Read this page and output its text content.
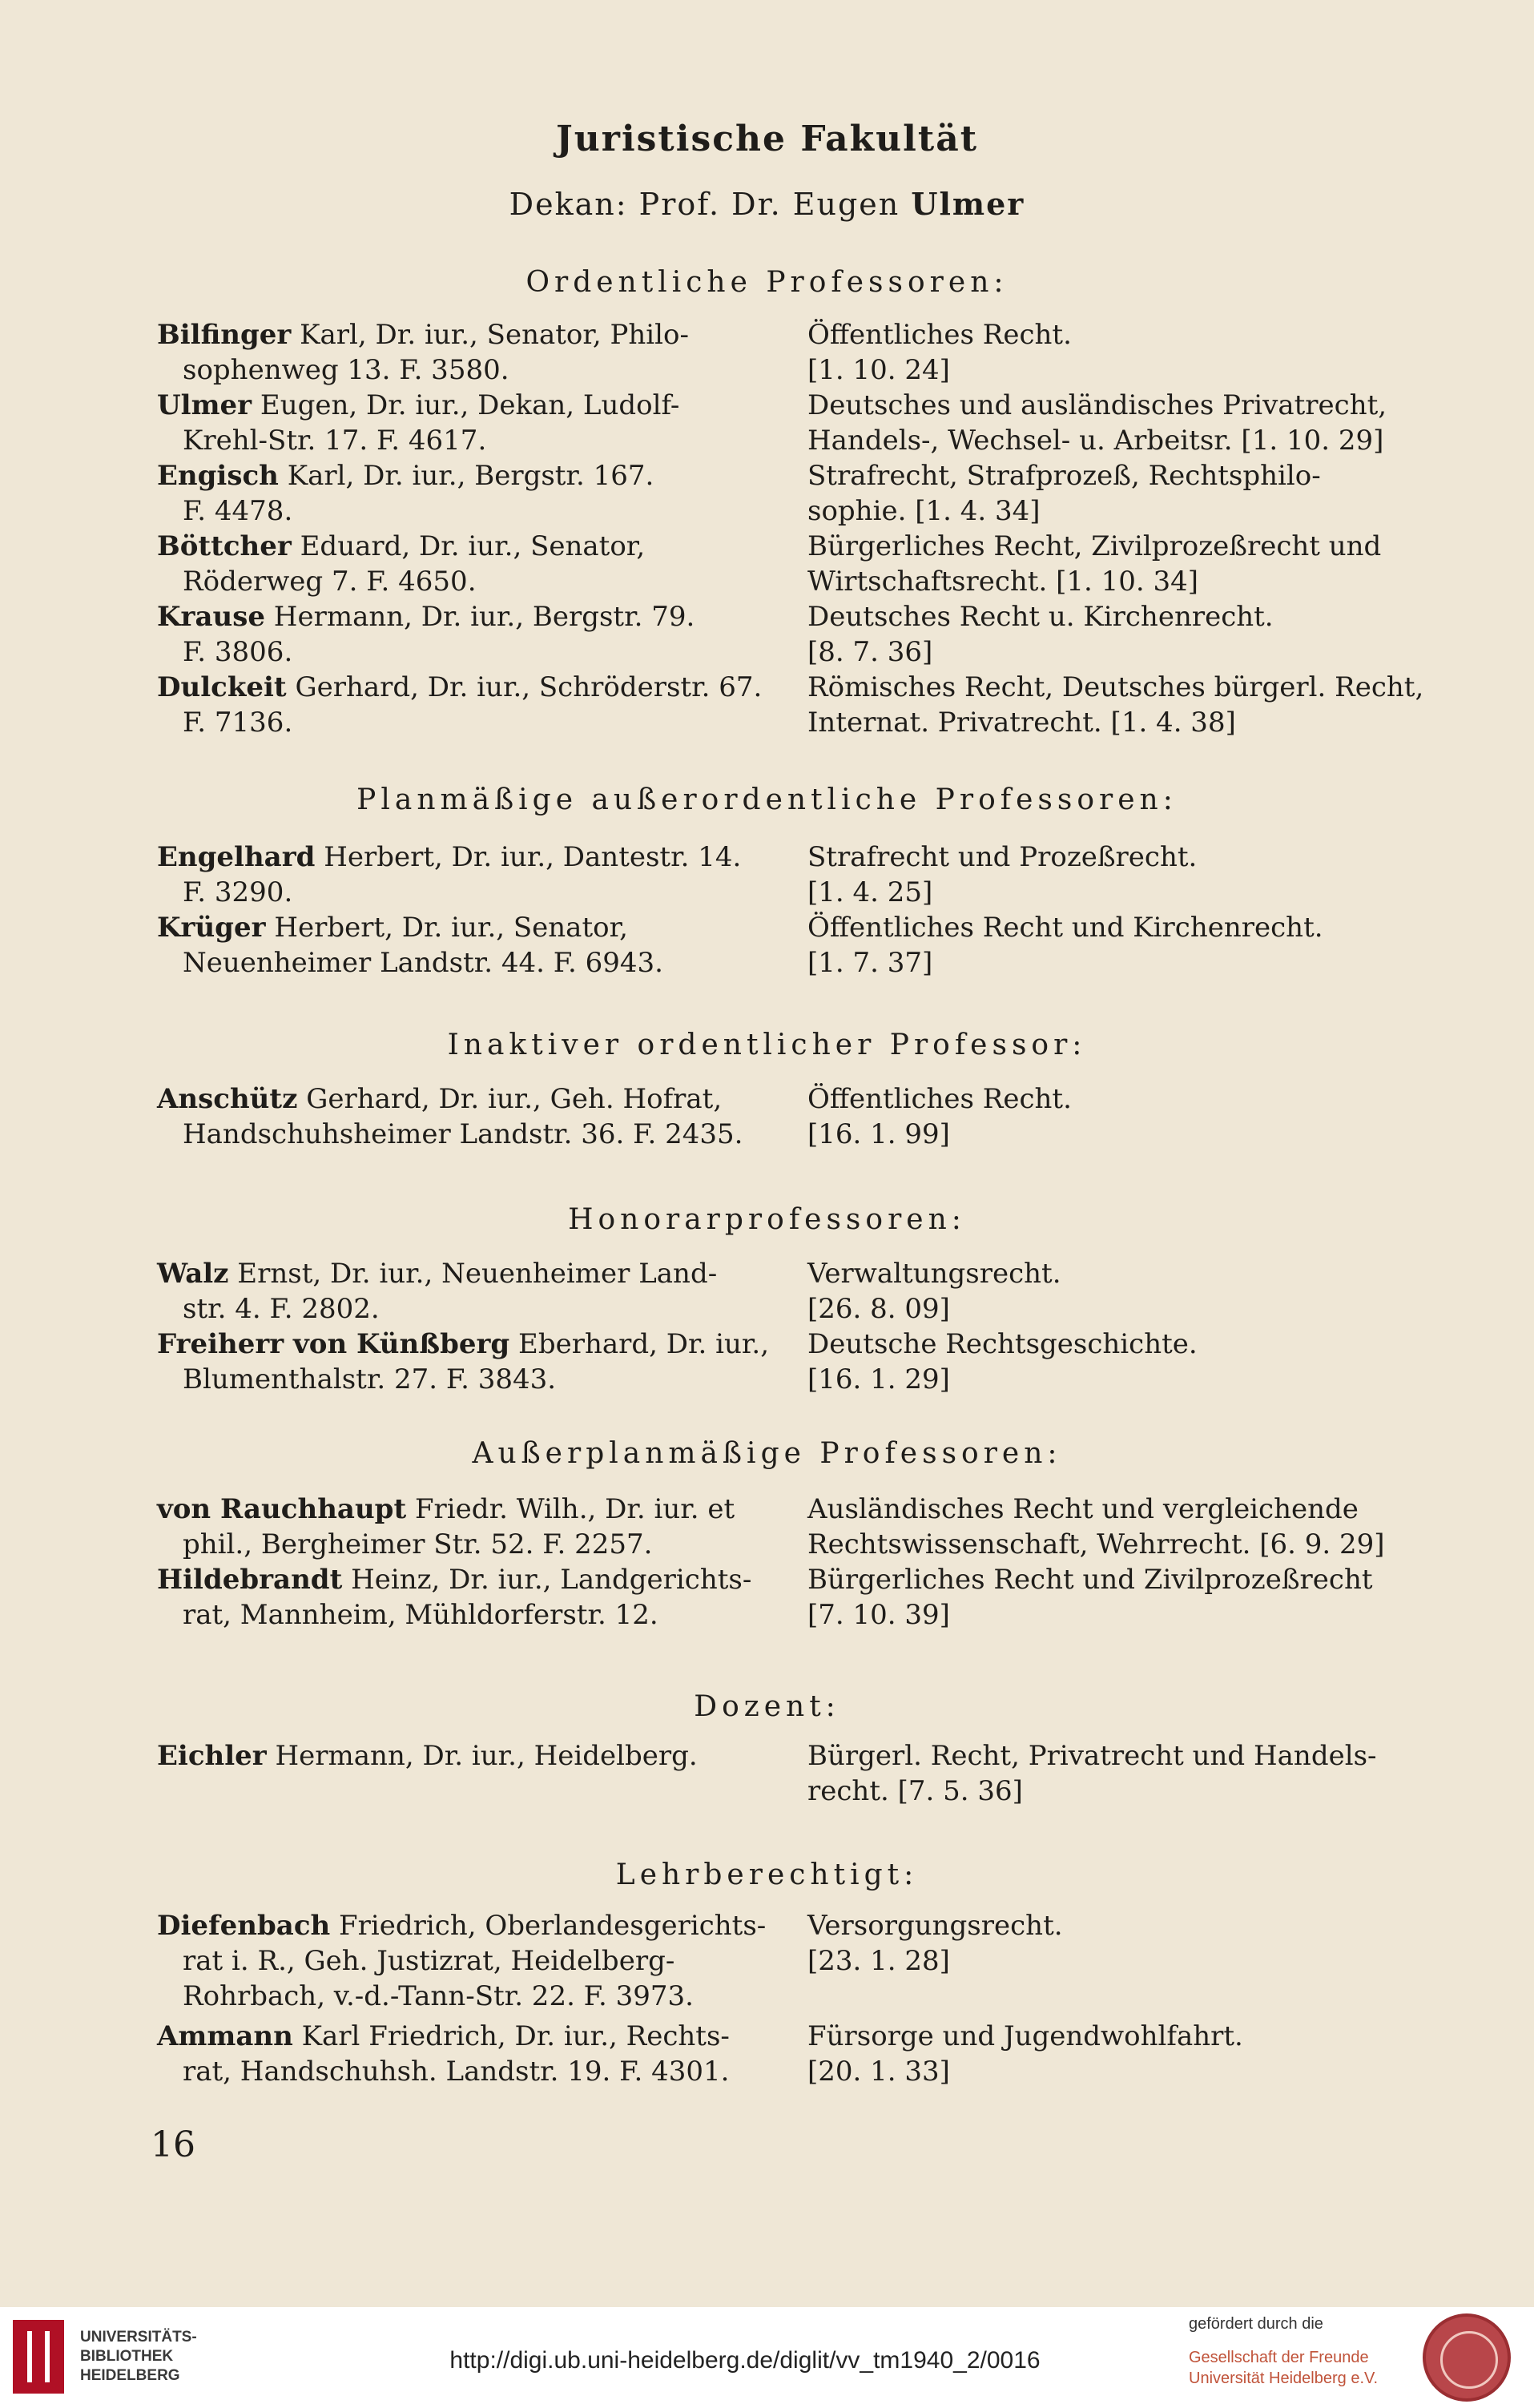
Juristische Fakultät
Dekan: Prof. Dr. Eugen Ulmer
Ordentliche Professoren:
Bilfinger Karl, Dr. iur., Senator, Philo-
sophenweg 13. F. 3580.
Öffentliches Recht.
[1. 10. 24]
Ulmer Eugen, Dr. iur., Dekan, Ludolf-
Krehl-Str. 17. F. 4617.
Deutsches und ausländisches Privatrecht,
Handels-, Wechsel- u. Arbeitsr. [1. 10. 29]
Engisch Karl, Dr. iur., Bergstr. 167.
F. 4478.
Strafrecht, Strafprozeß, Rechtsphilo-
sophie. [1. 4. 34]
Böttcher Eduard, Dr. iur., Senator,
Röderweg 7. F. 4650.
Bürgerliches Recht, Zivilprozeßrecht und
Wirtschaftsrecht. [1. 10. 34]
Krause Hermann, Dr. iur., Bergstr. 79.
F. 3806.
Deutsches Recht u. Kirchenrecht.
[8. 7. 36]
Dulckeit Gerhard, Dr. iur., Schröderstr. 67.
F. 7136.
Römisches Recht, Deutsches bürgerl. Recht,
Internat. Privatrecht. [1. 4. 38]
Planmäßige außerordentliche Professoren:
Engelhard Herbert, Dr. iur., Dantestr. 14.
F. 3290.
Strafrecht und Prozeßrecht.
[1. 4. 25]
Krüger Herbert, Dr. iur., Senator,
Neuenheimer Landstr. 44. F. 6943.
Öffentliches Recht und Kirchenrecht.
[1. 7. 37]
Inaktiver ordentlicher Professor:
Anschütz Gerhard, Dr. iur., Geh. Hofrat,
Handschuhsheimer Landstr. 36. F. 2435.
Öffentliches Recht.
[16. 1. 99]
Honorarprofessoren:
Walz Ernst, Dr. iur., Neuenheimer Land-
str. 4. F. 2802.
Verwaltungsrecht.
[26. 8. 09]
Freiherr von Künßberg Eberhard, Dr. iur.,
Blumenthalstr. 27. F. 3843.
Deutsche Rechtsgeschichte.
[16. 1. 29]
Außerplanmäßige Professoren:
von Rauchhaupt Friedr. Wilh., Dr. iur. et
phil., Bergheimer Str. 52. F. 2257.
Ausländisches Recht und vergleichende
Rechtswissenschaft, Wehrrecht. [6. 9. 29]
Hildebrandt Heinz, Dr. iur., Landgerichts-
rat, Mannheim, Mühldorferstr. 12.
Bürgerliches Recht und Zivilprozeßrecht
[7. 10. 39]
Dozent:
Eichler Hermann, Dr. iur., Heidelberg.	Bürgerl. Recht, Privatrecht und Handels-
recht. [7. 5. 36]
Lehrberechtigt:
Diefenbach Friedrich, Oberlandesgerichts-
rat i. R., Geh. Justizrat, Heidelberg-
Rohrbach, v.-d.-Tann-Str. 22. F. 3973.
Versorgungsrecht.
[23. 1. 28]
Ammann Karl Friedrich, Dr. iur., Rechts-
rat, Handschuhsh. Landstr. 19. F. 4301.
Fürsorge und Jugendwohlfahrt.
[20. 1. 33]
16
UNIVERSITÄTS-
BIBLIOTHEK
HEIDELBERG
http://digi.ub.uni-heidelberg.de/diglit/vv_tm1940_2/0016
gefördert durch die
Gesellschaft der Freunde
Universität Heidelberg e.V.
